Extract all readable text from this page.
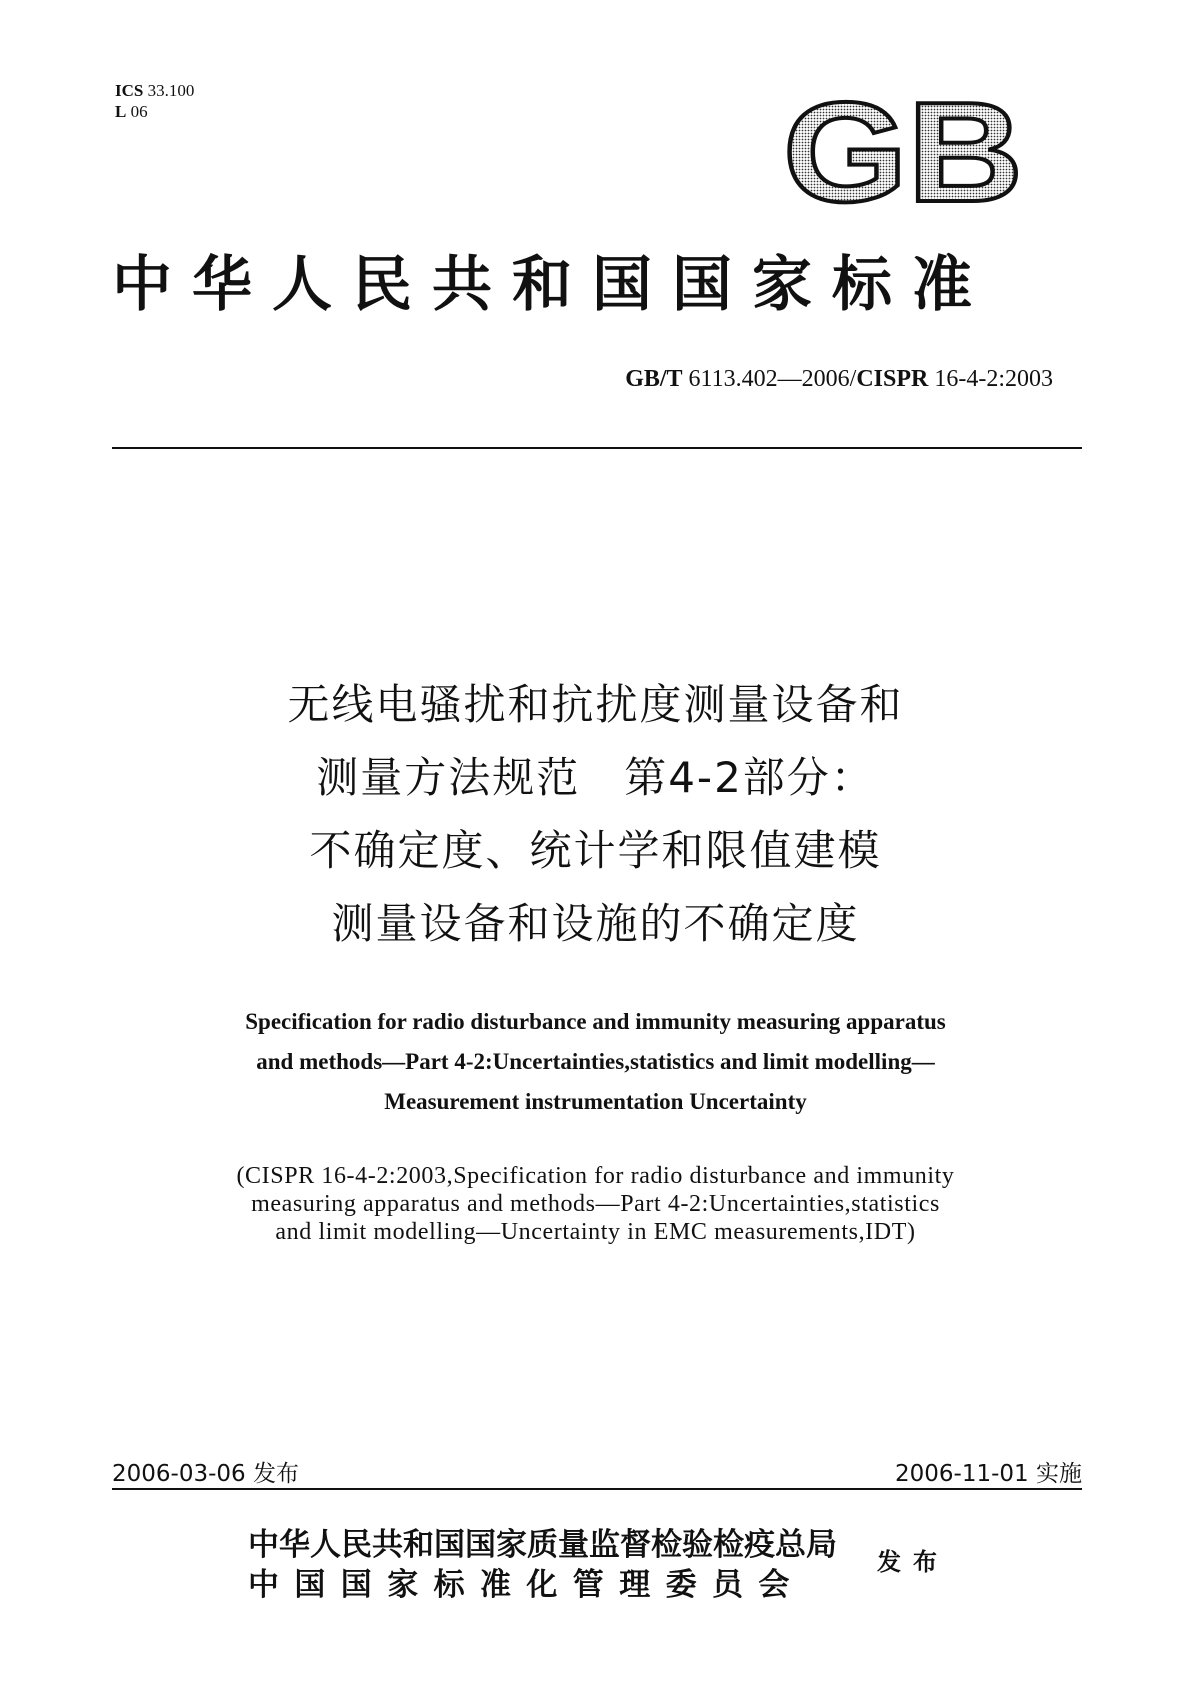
ICS 33.100
L 06	GB
中华人民共和国国家标准
GB/T 6113.402—2006/CISPR 16-4-2:2003
无线电骚扰和抗扰度测量设备和
测量方法规范　第4-2部分：
不确定度、统计学和限值建模
测量设备和设施的不确定度
Specification for radio disturbance and immunity measuring apparatus
and methods—Part 4-2:Uncertainties,statistics and limit modelling—
Measurement instrumentation Uncertainty
(CISPR 16-4-2:2003,Specification for radio disturbance and immunity
measuring apparatus and methods—Part 4-2:Uncertainties,statistics
and limit modelling—Uncertainty in EMC measurements,IDT)
2006-03-06 发布	2006-11-01 实施
中华人民共和国国家质量监督检验检疫总局
中国国家标准化管理委员会
发布
